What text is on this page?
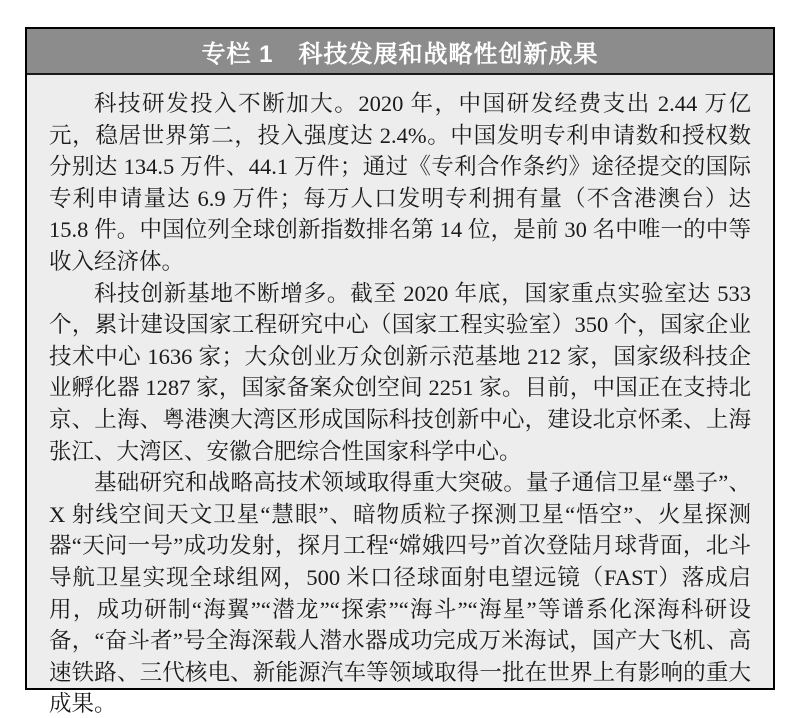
专栏 1　科技发展和战略性创新成果

科技研发投入不断加大。2020 年，中国研发经费支出 2.44 万亿元，稳居世界第二，投入强度达 2.4%。中国发明专利申请数和授权数分别达 134.5 万件、44.1 万件；通过《专利合作条约》途径提交的国际专利申请量达 6.9 万件；每万人口发明专利拥有量（不含港澳台）达 15.8 件。中国位列全球创新指数排名第 14 位，是前 30 名中唯一的中等收入经济体。

科技创新基地不断增多。截至 2020 年底，国家重点实验室达 533 个，累计建设国家工程研究中心（国家工程实验室）350 个，国家企业技术中心 1636 家；大众创业万众创新示范基地 212 家，国家级科技企业孵化器 1287 家，国家备案众创空间 2251 家。目前，中国正在支持北京、上海、粤港澳大湾区形成国际科技创新中心，建设北京怀柔、上海张江、大湾区、安徽合肥综合性国家科学中心。

基础研究和战略高技术领域取得重大突破。量子通信卫星“墨子”、X 射线空间天文卫星“慧眼”、暗物质粒子探测卫星“悟空”、火星探测器“天问一号”成功发射，探月工程“嫦娥四号”首次登陆月球背面，北斗导航卫星实现全球组网，500 米口径球面射电望远镜（FAST）落成启用，成功研制“海翼”“潜龙”“探索”“海斗”“海星”等谱系化深海科研设备，“奋斗者”号全海深载人潜水器成功完成万米海试，国产大飞机、高速铁路、三代核电、新能源汽车等领域取得一批在世界上有影响的重大成果。
